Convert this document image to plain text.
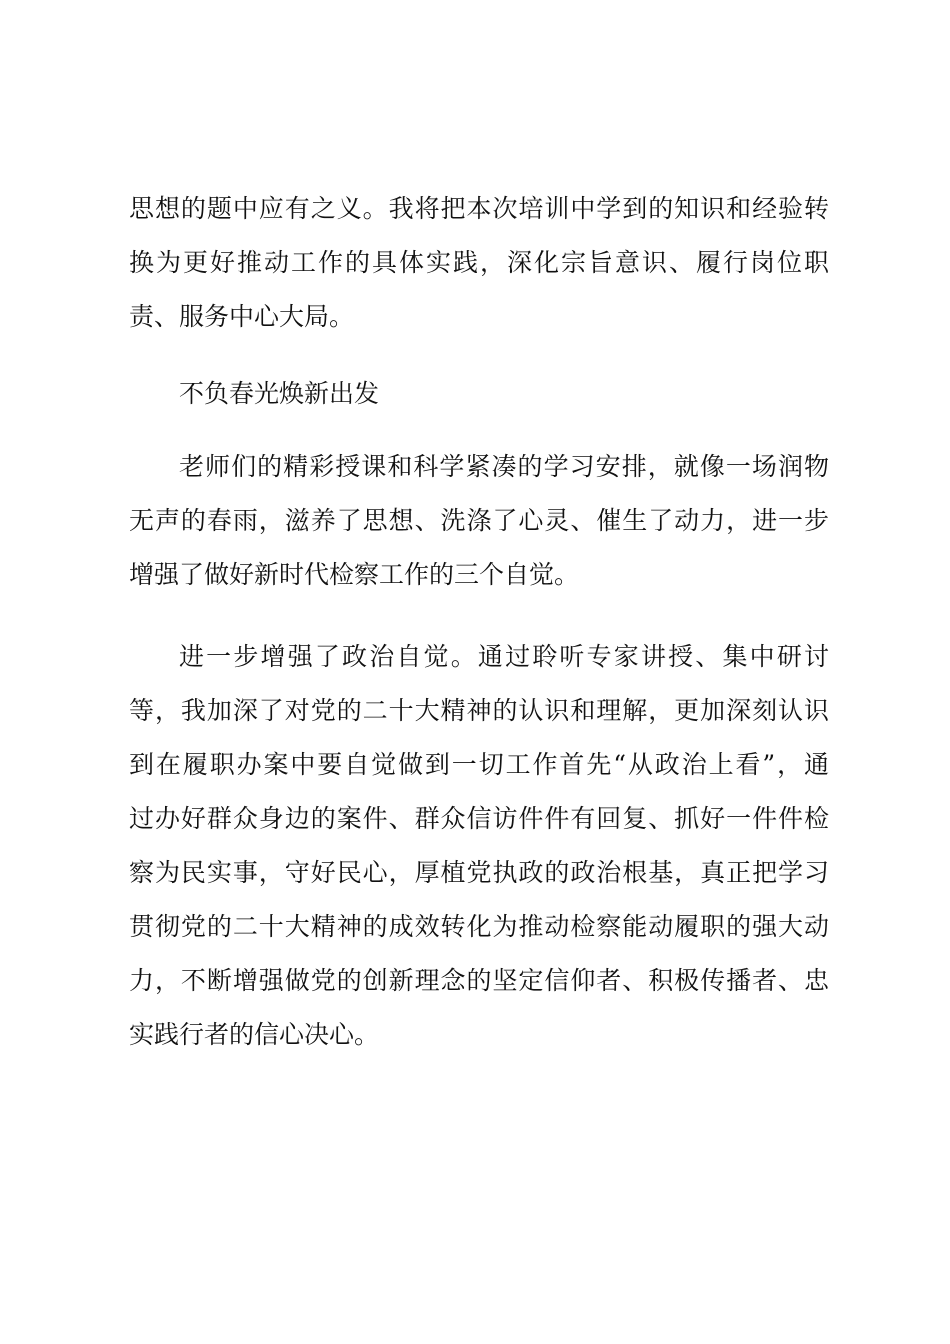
思想的题中应有之义。我将把本次培训中学到的知识和经验转
换为更好推动工作的具体实践，深化宗旨意识、履行岗位职
责、服务中心大局。
不负春光焕新出发
老师们的精彩授课和科学紧凑的学习安排，就像一场润物
无声的春雨，滋养了思想、洗涤了心灵、催生了动力，进一步
增强了做好新时代检察工作的三个自觉。
进一步增强了政治自觉。通过聆听专家讲授、集中研讨
等，我加深了对党的二十大精神的认识和理解，更加深刻认识
到在履职办案中要自觉做到一切工作首先“从政治上看”，通
过办好群众身边的案件、群众信访件件有回复、抓好一件件检
察为民实事，守好民心，厚植党执政的政治根基，真正把学习
贯彻党的二十大精神的成效转化为推动检察能动履职的强大动
力，不断增强做党的创新理念的坚定信仰者、积极传播者、忠
实践行者的信心决心。
